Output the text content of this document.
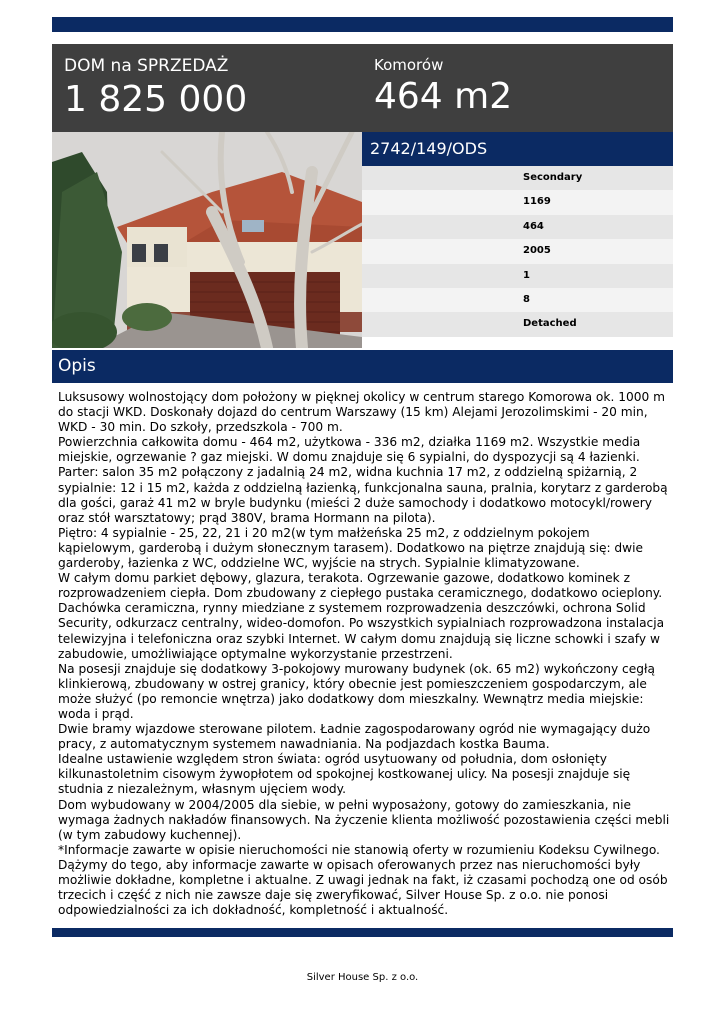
DOM na SPRZEDAŻ
1 825 000
Komorów
464 m2
2742/149/ODS
Secondary
1169
464
2005
1
8
Detached
Opis

Luksusowy wolnostojący dom położony w pięknej okolicy w centrum starego Komorowa ok. 1000 m do stacji WKD. Doskonały dojazd do centrum Warszawy (15 km) Alejami Jerozolimskimi - 20 min, WKD - 30 min. Do szkoły, przedszkola - 700 m.

Powierzchnia całkowita domu - 464 m2, użytkowa - 336 m2, działka 1169 m2. Wszystkie media miejskie, ogrzewanie ? gaz miejski. W domu znajduje się 6 sypialni, do dyspozycji są 4 łazienki.

Parter: salon 35 m2 połączony z jadalnią 24 m2, widna kuchnia 17 m2, z oddzielną spiżarnią, 2 sypialnie: 12 i 15 m2, każda z oddzielną łazienką, funkcjonalna sauna, pralnia, korytarz z garderobą dla gości, garaż 41 m2 w bryle budynku (mieści 2 duże samochody i dodatkowo motocykl/rowery oraz stół warsztatowy; prąd 380V, brama Hormann na pilota).

Piętro: 4 sypialnie - 25, 22, 21 i 20 m2(w tym małżeńska 25 m2, z oddzielnym pokojem kąpielowym, garderobą i dużym słonecznym tarasem). Dodatkowo na piętrze znajdują się: dwie garderoby, łazienka z WC, oddzielne WC, wyjście na strych. Sypialnie klimatyzowane.

W całym domu parkiet dębowy, glazura, terakota. Ogrzewanie gazowe, dodatkowo kominek z rozprowadzeniem ciepła. Dom zbudowany z ciepłego pustaka ceramicznego, dodatkowo ocieplony. Dachówka ceramiczna, rynny miedziane z systemem rozprowadzenia deszczówki, ochrona Solid Security, odkurzacz centralny, wideo-domofon. Po wszystkich sypialniach rozprowadzona instalacja telewizyjna i telefoniczna oraz szybki Internet. W całym domu znajdują się liczne schowki i szafy w zabudowie, umożliwiające optymalne wykorzystanie przestrzeni.

Na posesji znajduje się dodatkowy 3-pokojowy murowany budynek (ok. 65 m2) wykończony cegłą klinkierową, zbudowany w ostrej granicy, który obecnie jest pomieszczeniem gospodarczym, ale może służyć (po remoncie wnętrza) jako dodatkowy dom mieszkalny. Wewnątrz media miejskie: woda i prąd.

Dwie bramy wjazdowe sterowane pilotem. Ładnie zagospodarowany ogród nie wymagający dużo pracy, z automatycznym systemem nawadniania. Na podjazdach kostka Bauma.

Idealne ustawienie względem stron świata: ogród usytuowany od południa, dom osłonięty kilkunastoletnim cisowym żywopłotem od spokojnej kostkowanej ulicy. Na posesji znajduje się studnia z niezależnym, własnym ujęciem wody.

Dom wybudowany w 2004/2005 dla siebie, w pełni wyposażony, gotowy do zamieszkania, nie wymaga żadnych nakładów finansowych. Na życzenie klienta możliwość pozostawienia części mebli (w tym zabudowy kuchennej).

*Informacje zawarte w opisie nieruchomości nie stanowią oferty w rozumieniu Kodeksu Cywilnego. Dążymy do tego, aby informacje zawarte w opisach oferowanych przez nas nieruchomości były możliwie dokładne, kompletne i aktualne. Z uwagi jednak na fakt, iż czasami pochodzą one od osób trzecich i część z nich nie zawsze daje się zweryfikować, Silver House Sp. z o.o. nie ponosi odpowiedzialności za ich dokładność, kompletność i aktualność.

Silver House Sp. z o.o.
